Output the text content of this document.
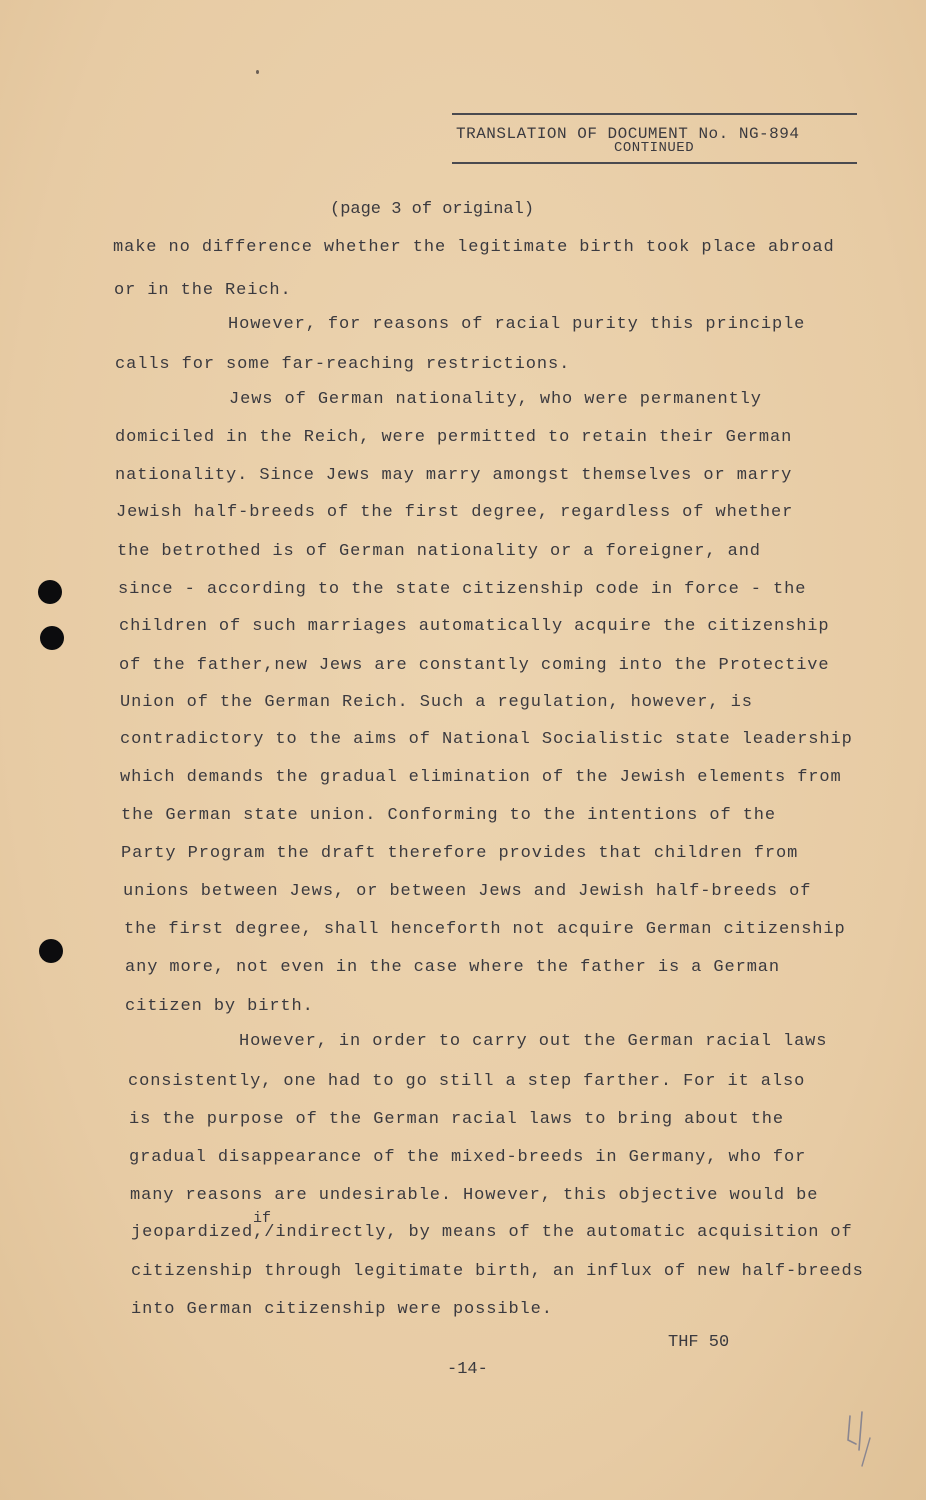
TRANSLATION OF DOCUMENT No. NG-894
CONTINUED
(page 3 of original)
make no difference whether the legitimate birth took place abroad
or in the Reich.
However, for reasons of racial purity this principle
calls for some far-reaching restrictions.
Jews of German nationality, who were permanently
domiciled in the Reich, were permitted to retain their German
nationality. Since Jews may marry amongst themselves or marry
Jewish half-breeds of the first degree, regardless of whether
the betrothed is of German nationality or a foreigner, and
since - according to the state citizenship code in force - the
children of such marriages automatically acquire the citizenship
of the father,new Jews are constantly coming into the Protective
Union of the German Reich. Such a regulation, however, is
contradictory to the aims of National Socialistic state leadership
which demands the gradual elimination of the Jewish elements from
the German state union. Conforming to the intentions of the
Party Program the draft therefore provides that children from
unions between Jews, or between Jews and Jewish half-breeds of
the first degree, shall henceforth not acquire German citizenship
any more, not even in the case where the father is a German
citizen by birth.
However, in order to carry out the German racial laws
consistently, one had to go still a step farther. For it also
is the purpose of the German racial laws to bring about the
gradual disappearance of the mixed-breeds in Germany, who for
many reasons are undesirable. However, this objective would be
jeopardized,/indirectly, by means of the automatic acquisition of
citizenship through legitimate birth, an influx of new half-breeds
into German citizenship were possible.
if
THF 50
-14-
